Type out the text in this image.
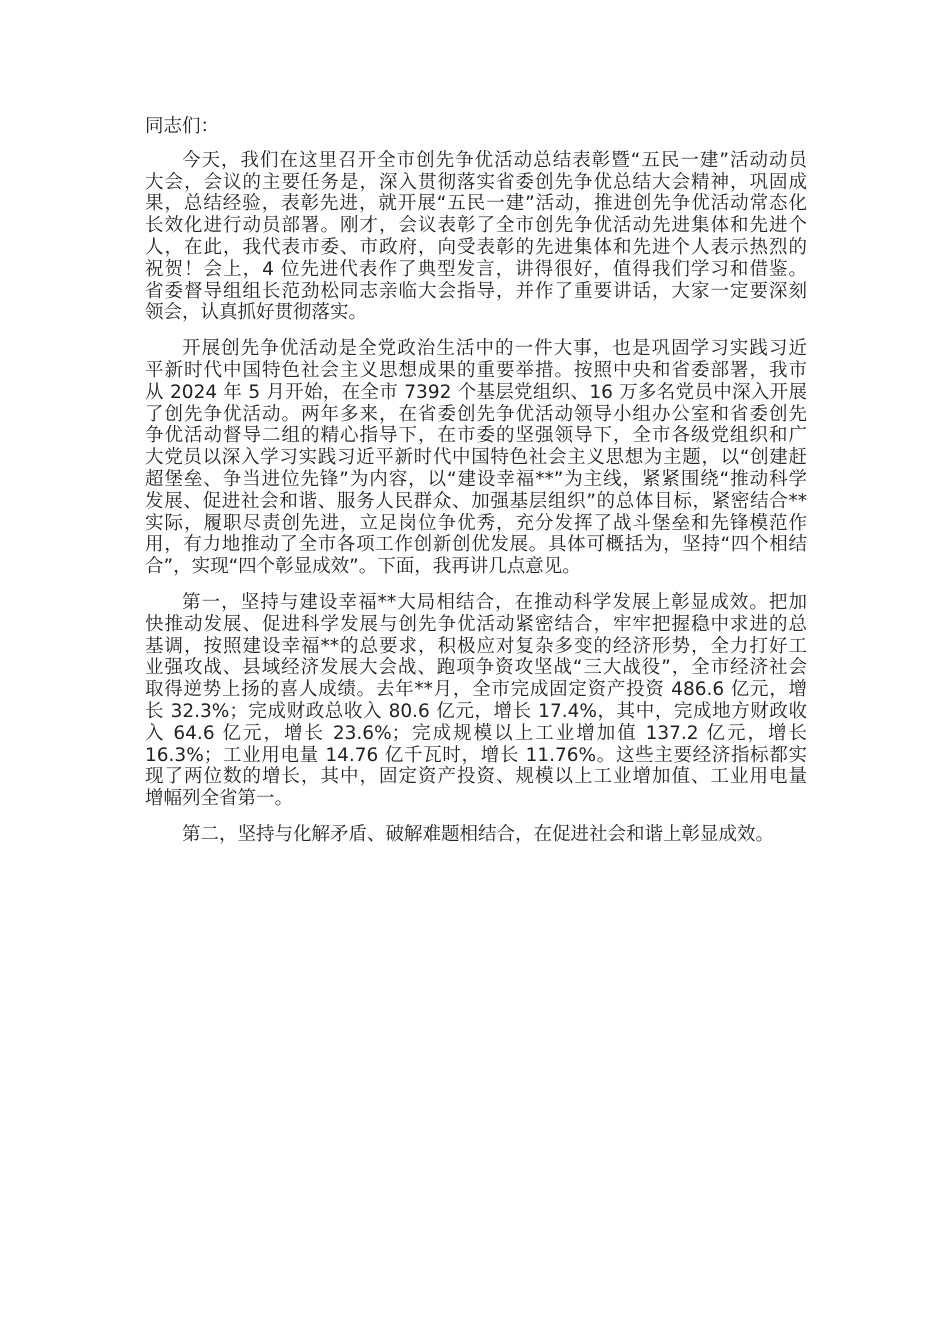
同志们：
今天，我们在这里召开全市创先争优活动总结表彰暨“五民一建”活动动员
大会，会议的主要任务是，深入贯彻落实省委创先争优总结大会精神，巩固成
果，总结经验，表彰先进，就开展“五民一建”活动，推进创先争优活动常态化
长效化进行动员部署。刚才，会议表彰了全市创先争优活动先进集体和先进个
人，在此，我代表市委、市政府，向受表彰的先进集体和先进个人表示热烈的
祝贺！会上，4 位先进代表作了典型发言，讲得很好，值得我们学习和借鉴。
省委督导组组长范劲松同志亲临大会指导，并作了重要讲话，大家一定要深刻
领会，认真抓好贯彻落实。
开展创先争优活动是全党政治生活中的一件大事，也是巩固学习实践习近
平新时代中国特色社会主义思想成果的重要举措。按照中央和省委部署，我市
从 2024 年 5 月开始，在全市 7392 个基层党组织、16 万多名党员中深入开展
了创先争优活动。两年多来，在省委创先争优活动领导小组办公室和省委创先
争优活动督导二组的精心指导下，在市委的坚强领导下，全市各级党组织和广
大党员以深入学习实践习近平新时代中国特色社会主义思想为主题，以“创建赶
超堡垒、争当进位先锋”为内容，以“建设幸福**”为主线，紧紧围绕“推动科学
发展、促进社会和谐、服务人民群众、加强基层组织”的总体目标，紧密结合**
实际，履职尽责创先进，立足岗位争优秀，充分发挥了战斗堡垒和先锋模范作
用，有力地推动了全市各项工作创新创优发展。具体可概括为，坚持“四个相结
合”，实现“四个彰显成效”。下面，我再讲几点意见。
第一，坚持与建设幸福**大局相结合，在推动科学发展上彰显成效。把加
快推动发展、促进科学发展与创先争优活动紧密结合，牢牢把握稳中求进的总
基调，按照建设幸福**的总要求，积极应对复杂多变的经济形势，全力打好工
业强攻战、县域经济发展大会战、跑项争资攻坚战“三大战役”，全市经济社会
取得逆势上扬的喜人成绩。去年**月，全市完成固定资产投资 486.6 亿元，增
长 32.3%；完成财政总收入 80.6 亿元，增长 17.4%，其中，完成地方财政收
入 64.6 亿元，增长 23.6%；完成规模以上工业增加值 137.2 亿元，增长
16.3%；工业用电量 14.76 亿千瓦时，增长 11.76%。这些主要经济指标都实
现了两位数的增长，其中，固定资产投资、规模以上工业增加值、工业用电量
增幅列全省第一。
第二，坚持与化解矛盾、破解难题相结合，在促进社会和谐上彰显成效。
